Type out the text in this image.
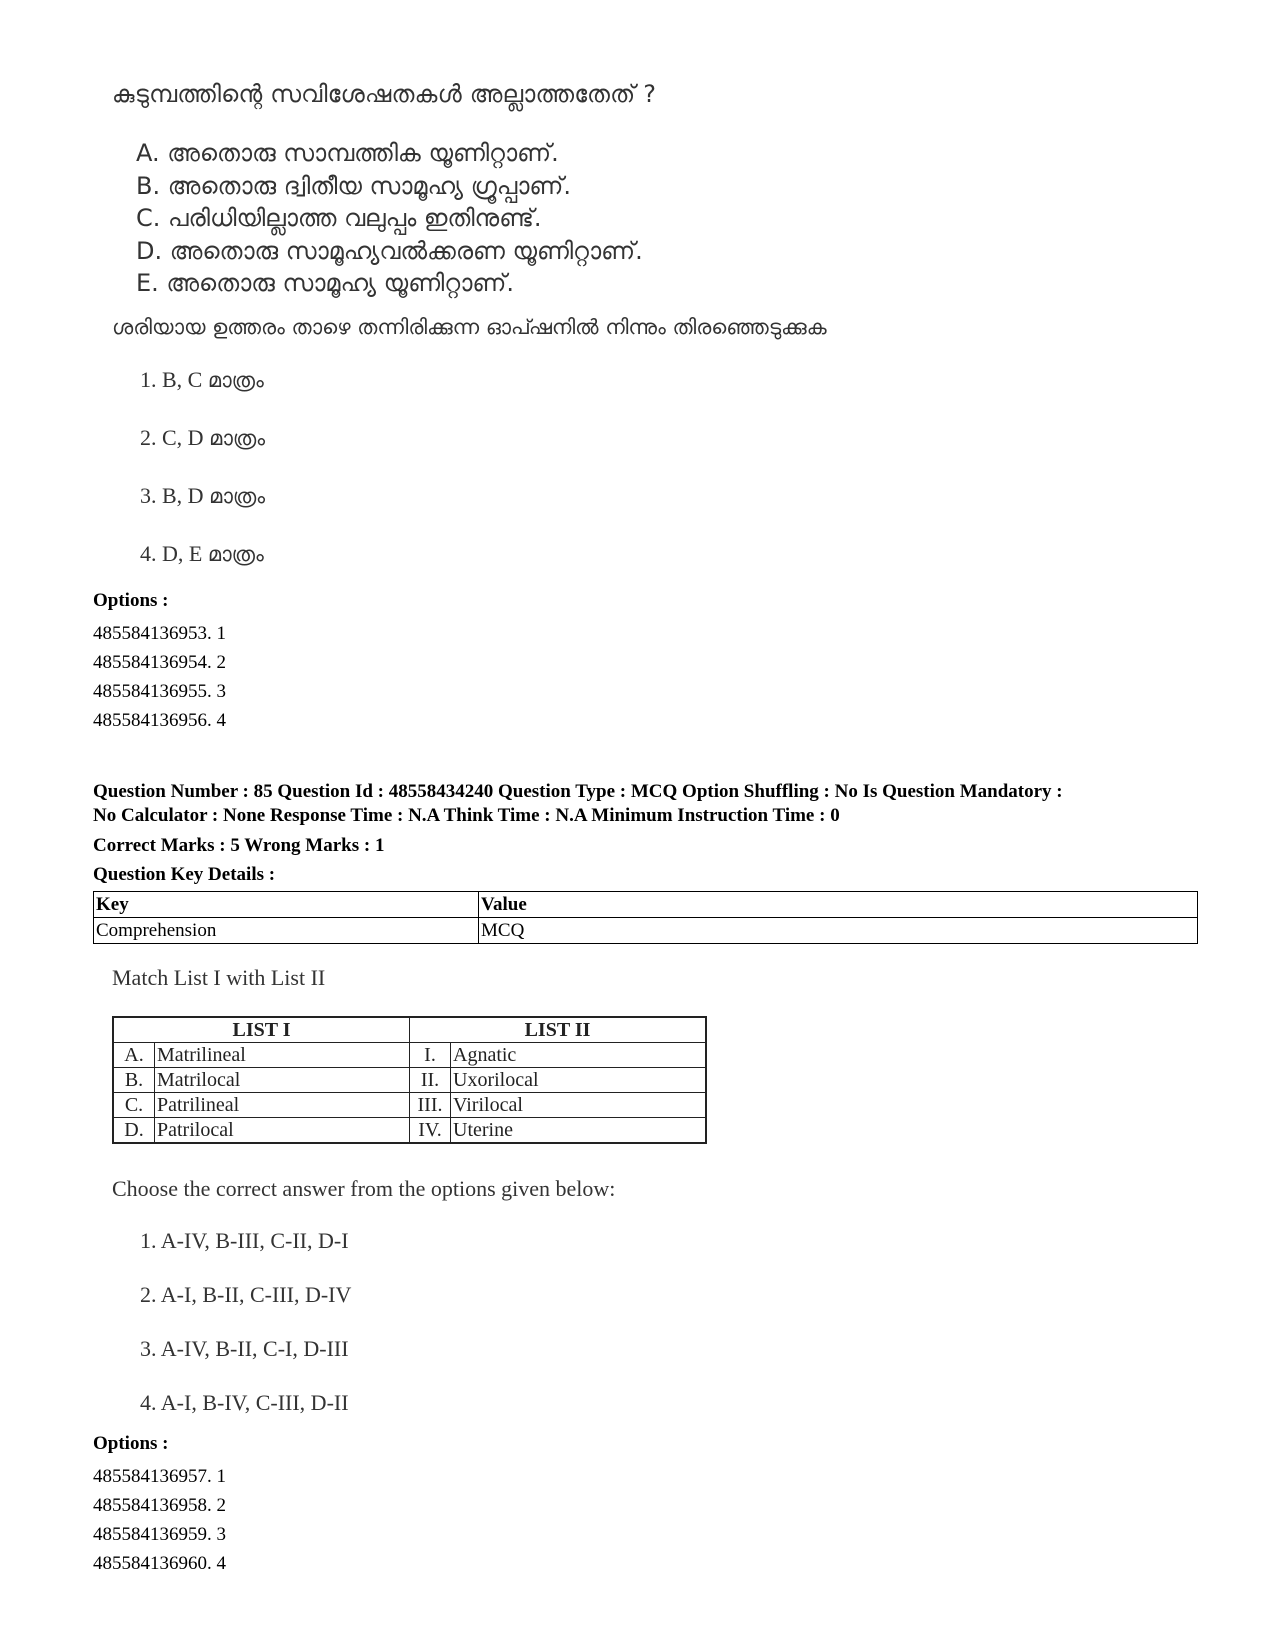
കുടുമ്പത്തിന്റെ സവിശേഷതകൾ അല്ലാത്തതേത് ?
A. അതൊരു സാമ്പത്തിക യൂണിറ്റാണ്.
B. അതൊരു ദ്വിതീയ സാമൂഹ്യ ഗ്രൂപ്പാണ്.
C. പരിധിയില്ലാത്ത വലുപ്പം ഇതിനുണ്ട്.
D. അതൊരു സാമൂഹ്യവൽക്കരണ യൂണിറ്റാണ്.
E. അതൊരു സാമൂഹ്യ യൂണിറ്റാണ്.
ശരിയായ ഉത്തരം താഴെ തന്നിരിക്കുന്ന ഓപ്ഷനിൽ നിന്നും തിരഞ്ഞെടുക്കുക
1. B, C മാത്രം
2. C, D മാത്രം
3. B, D മാത്രം
4. D, E മാത്രം
Options :
485584136953. 1
485584136954. 2
485584136955. 3
485584136956. 4
Question Number : 85 Question Id : 48558434240 Question Type : MCQ Option Shuffling : No Is Question Mandatory :
No Calculator : None Response Time : N.A Think Time : N.A Minimum Instruction Time : 0
Correct Marks : 5 Wrong Marks : 1
Question Key Details :
Key	Value
Comprehension	MCQ
Match List I with List II
LIST I		LIST II	
A.	Matrilineal	I.	Agnatic
B.	Matrilocal	II.	Uxorilocal
C.	Patrilineal	III.	Virilocal
D.	Patrilocal	IV.	Uterine
Choose the correct answer from the options given below:
1. A-IV, B-III, C-II, D-I
2. A-I, B-II, C-III, D-IV
3. A-IV, B-II, C-I, D-III
4. A-I, B-IV, C-III, D-II
Options :
485584136957. 1
485584136958. 2
485584136959. 3
485584136960. 4
